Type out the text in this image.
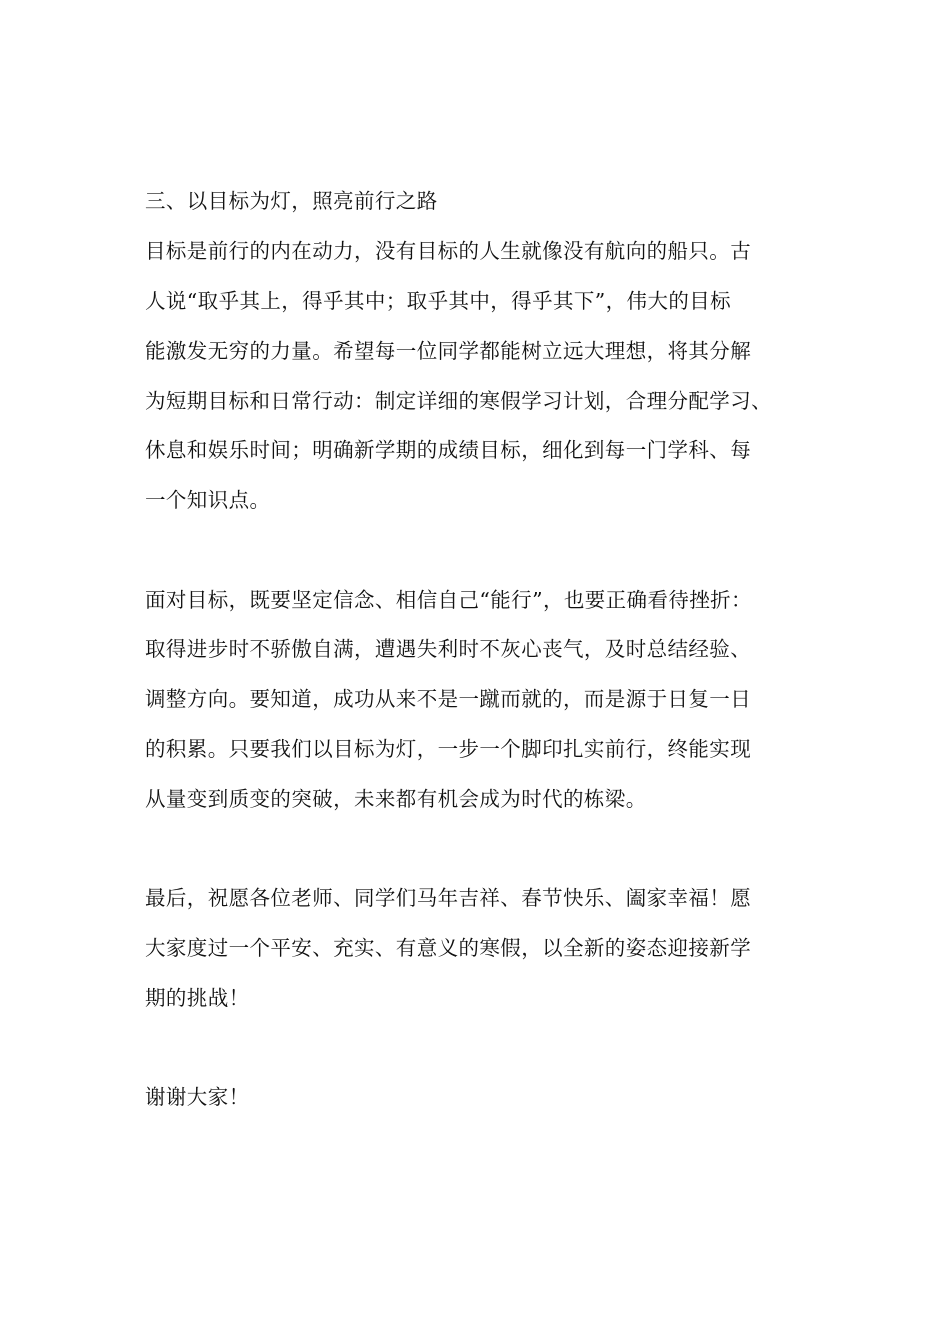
三、以目标为灯，照亮前行之路
目标是前行的内在动力，没有目标的人生就像没有航向的船只。古
人说“取乎其上，得乎其中；取乎其中，得乎其下”，伟大的目标
能激发无穷的力量。希望每一位同学都能树立远大理想，将其分解
为短期目标和日常行动：制定详细的寒假学习计划，合理分配学习、
休息和娱乐时间；明确新学期的成绩目标，细化到每一门学科、每
一个知识点。
面对目标，既要坚定信念、相信自己“能行”，也要正确看待挫折：
取得进步时不骄傲自满，遭遇失利时不灰心丧气，及时总结经验、
调整方向。要知道，成功从来不是一蹴而就的，而是源于日复一日
的积累。只要我们以目标为灯，一步一个脚印扎实前行，终能实现
从量变到质变的突破，未来都有机会成为时代的栋梁。
最后，祝愿各位老师、同学们马年吉祥、春节快乐、阖家幸福！愿
大家度过一个平安、充实、有意义的寒假，以全新的姿态迎接新学
期的挑战！
谢谢大家！
